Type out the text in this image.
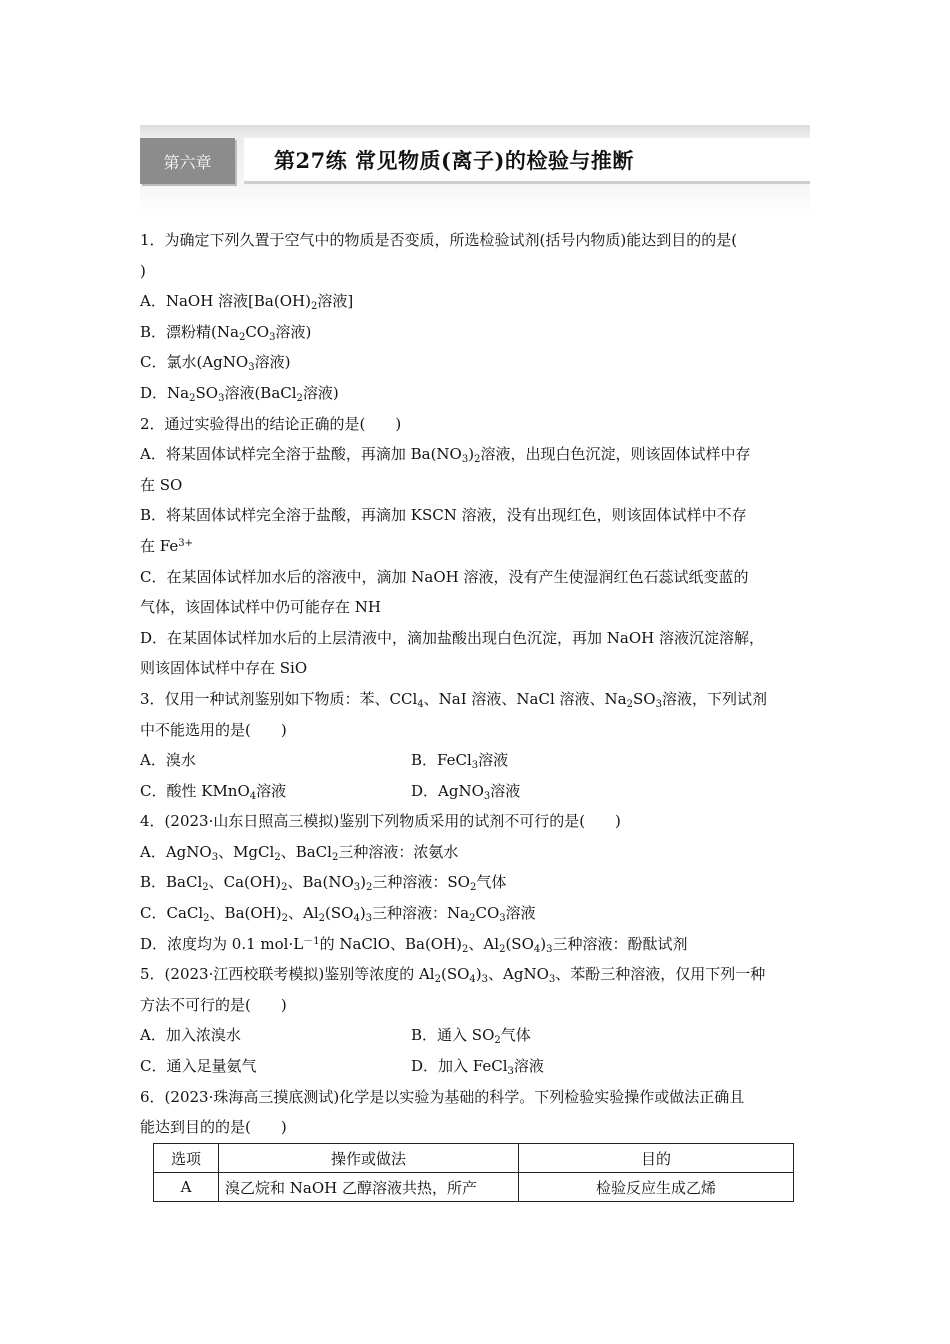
第六章	第27练 常见物质(离子)的检验与推断
1．为确定下列久置于空气中的物质是否变质，所选检验试剂(括号内物质)能达到目的的是(
)
A．NaOH 溶液[$Ba(OH)_2$溶液]
B．漂粉精($Na_2CO_3$溶液)
C．氯水(AgNO$_3$溶液)
D．$Na_2SO_3$溶液(BaCl$_2$溶液)
2．通过实验得出的结论正确的是(　　)
A．将某固体试样完全溶于盐酸，再滴加 $Ba(NO_3)_2$溶液，出现白色沉淀，则该固体试样中存
在 SO
B．将某固体试样完全溶于盐酸，再滴加 KSCN 溶液，没有出现红色，则该固体试样中不存
在 $Fe^{3+}$
C．在某固体试样加水后的溶液中，滴加 NaOH 溶液，没有产生使湿润红色石蕊试纸变蓝的
气体，该固体试样中仍可能存在 NH
D．在某固体试样加水后的上层清液中，滴加盐酸出现白色沉淀，再加 NaOH 溶液沉淀溶解，
则该固体试样中存在 SiO
3．仅用一种试剂鉴别如下物质：苯、CCl$_4$、NaI 溶液、NaCl 溶液、$Na_2SO_3$溶液，下列试剂
中不能选用的是(　　)
A．溴水	B．FeCl$_3$溶液
C．酸性 KMnO$_4$溶液	D．AgNO$_3$溶液
4．(2023·山东日照高三模拟)鉴别下列物质采用的试剂不可行的是(　　)
A．AgNO$_3$、MgCl$_2$、BaCl$_2$三种溶液：浓氨水
B．BaCl$_2$、$Ca(OH)_2$、$Ba(NO_3)_2$三种溶液：$SO_2$气体
C．CaCl$_2$、$Ba(OH)_2$、$Al_2(SO_4)_3$三种溶液：$Na_2CO_3$溶液
D．浓度均为 0.1 $mol\cdot L^{-1}$的 NaClO、$Ba(OH)_2$、$Al_2(SO_4)_3$三种溶液：酚酞试剂
5．(2023·江西校联考模拟)鉴别等浓度的 $Al_2(SO_4)_3$、AgNO$_3$、苯酚三种溶液，仅用下列一种
方法不可行的是(　　)
A．加入浓溴水	B．通入 $SO_2$气体
C．通入足量氨气	D．加入 FeCl$_3$溶液
6．(2023·珠海高三摸底测试)化学是以实验为基础的科学。下列检验实验操作或做法正确且
能达到目的的是(　　)
选项	操作或做法	目的
A	溴乙烷和 NaOH 乙醇溶液共热，所产	检验反应生成乙烯
